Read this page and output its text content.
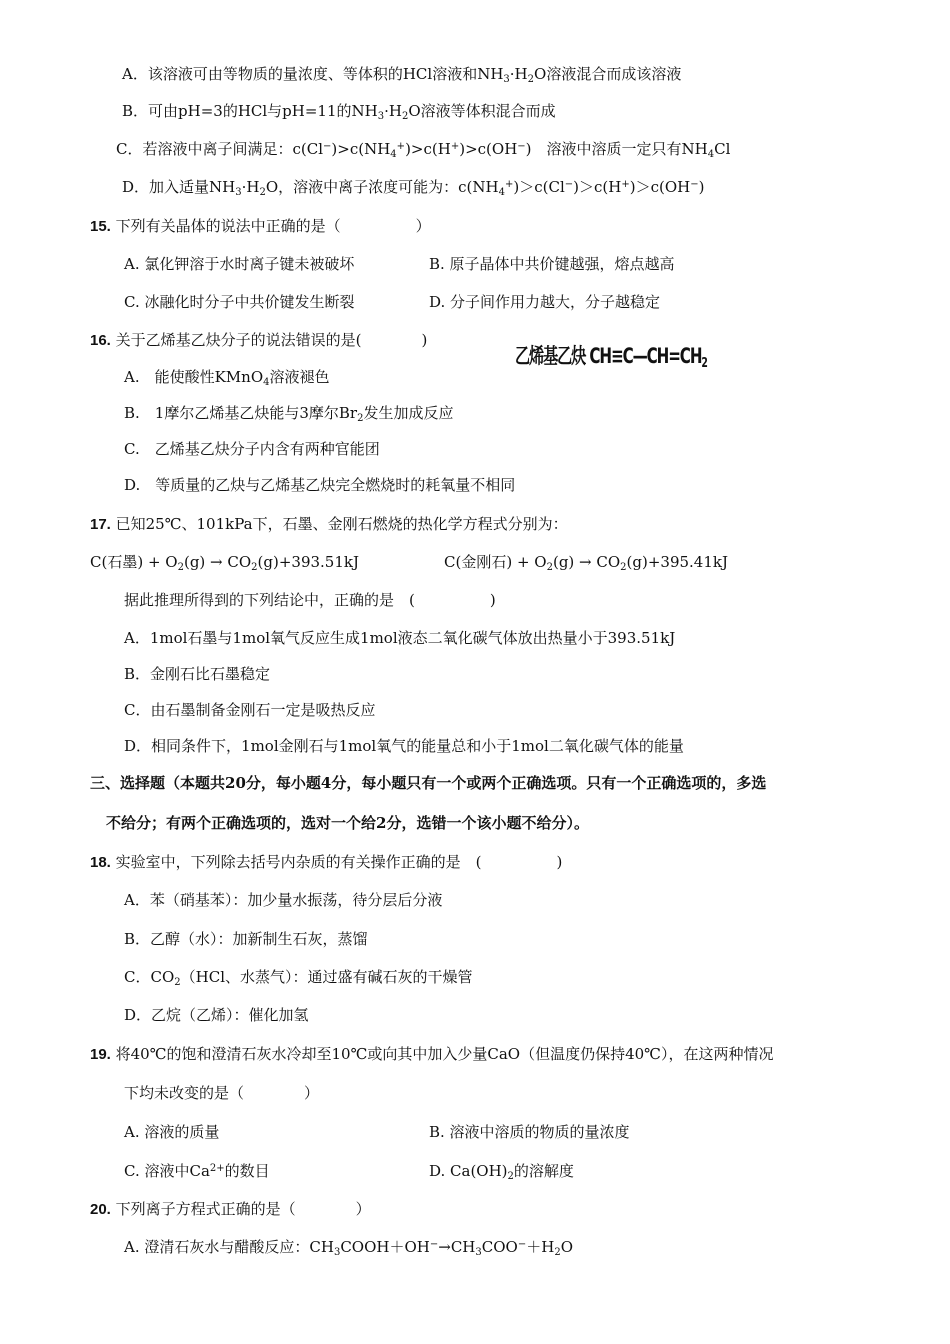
A．该溶液可由等物质的量浓度、等体积的HCl溶液和$NH_3\cdot H_2O$溶液混合而成该溶液
B．可由pH=3的HCl与pH=11的$NH_3\cdot H_2O$溶液等体积混合而成
C．若溶液中离子间满足：$c(Cl^-)>c(NH_4^+)>c(H^+)>c(OH^-)$　溶液中溶质一定只有$NH_4Cl$
D．加入适量$NH_3\cdot H_2O$，溶液中离子浓度可能为：$c(NH_4^+)>c(Cl^-)>c(H^+)>c(OH^-)$
15. 下列有关晶体的说法中正确的是（　　　　　）
A. 氯化钾溶于水时离子键未被破坏	B. 原子晶体中共价键越强，熔点越高
C. 冰融化时分子中共价键发生断裂	D. 分子间作用力越大，分子越稳定
16. 关于乙烯基乙炔分子的说法错误的是(　　　　)
乙烯基乙炔 $CH\equiv C—CH=CH_2$
A.　能使酸性KMnO$_4$溶液褪色
B.　1摩尔乙烯基乙炔能与3摩尔$Br_2$发生加成反应
C.　乙烯基乙炔分子内含有两种官能团
D.　等质量的乙炔与乙烯基乙炔完全燃烧时的耗氧量不相同
17. 已知25℃、101kPa下，石墨、金刚石燃烧的热化学方程式分别为：
C(石墨) + $O_2(g) \to CO_2(g)+393.51kJ$	C(金刚石) + $O_2(g) \to CO_2(g)+395.41kJ$
据此推理所得到的下列结论中，正确的是　(　　　　　)
A．1mol石墨与1mol氧气反应生成1mol液态二氧化碳气体放出热量小于393.51kJ
B．金刚石比石墨稳定
C．由石墨制备金刚石一定是吸热反应
D．相同条件下，1mol金刚石与1mol氧气的能量总和小于1mol二氧化碳气体的能量
三、选择题（本题共20分，每小题4分，每小题只有一个或两个正确选项。只有一个正确选项的，多选
不给分；有两个正确选项的，选对一个给2分，选错一个该小题不给分）。
18. 实验室中，下列除去括号内杂质的有关操作正确的是　(　　　　　)
A．苯（硝基苯）：加少量水振荡，待分层后分液
B．乙醇（水）：加新制生石灰，蒸馏
C．$CO_2(HCl$、水蒸气）：通过盛有碱石灰的干燥管
D．乙烷（乙烯）：催化加氢
19. 将40℃的饱和澄清石灰水冷却至10℃或向其中加入少量CaO（但温度仍保持40℃），在这两种情况
下均未改变的是（　　　　）
A. 溶液的质量	B. 溶液中溶质的物质的量浓度
C. 溶液中$Ca^{2+}$的数目	D. $Ca(OH)_2$的溶解度
20. 下列离子方程式正确的是（　　　　）
A. 澄清石灰水与醋酸反应：$CH_3COOH+OH^-\to CH_3COO^-+H_2O$
